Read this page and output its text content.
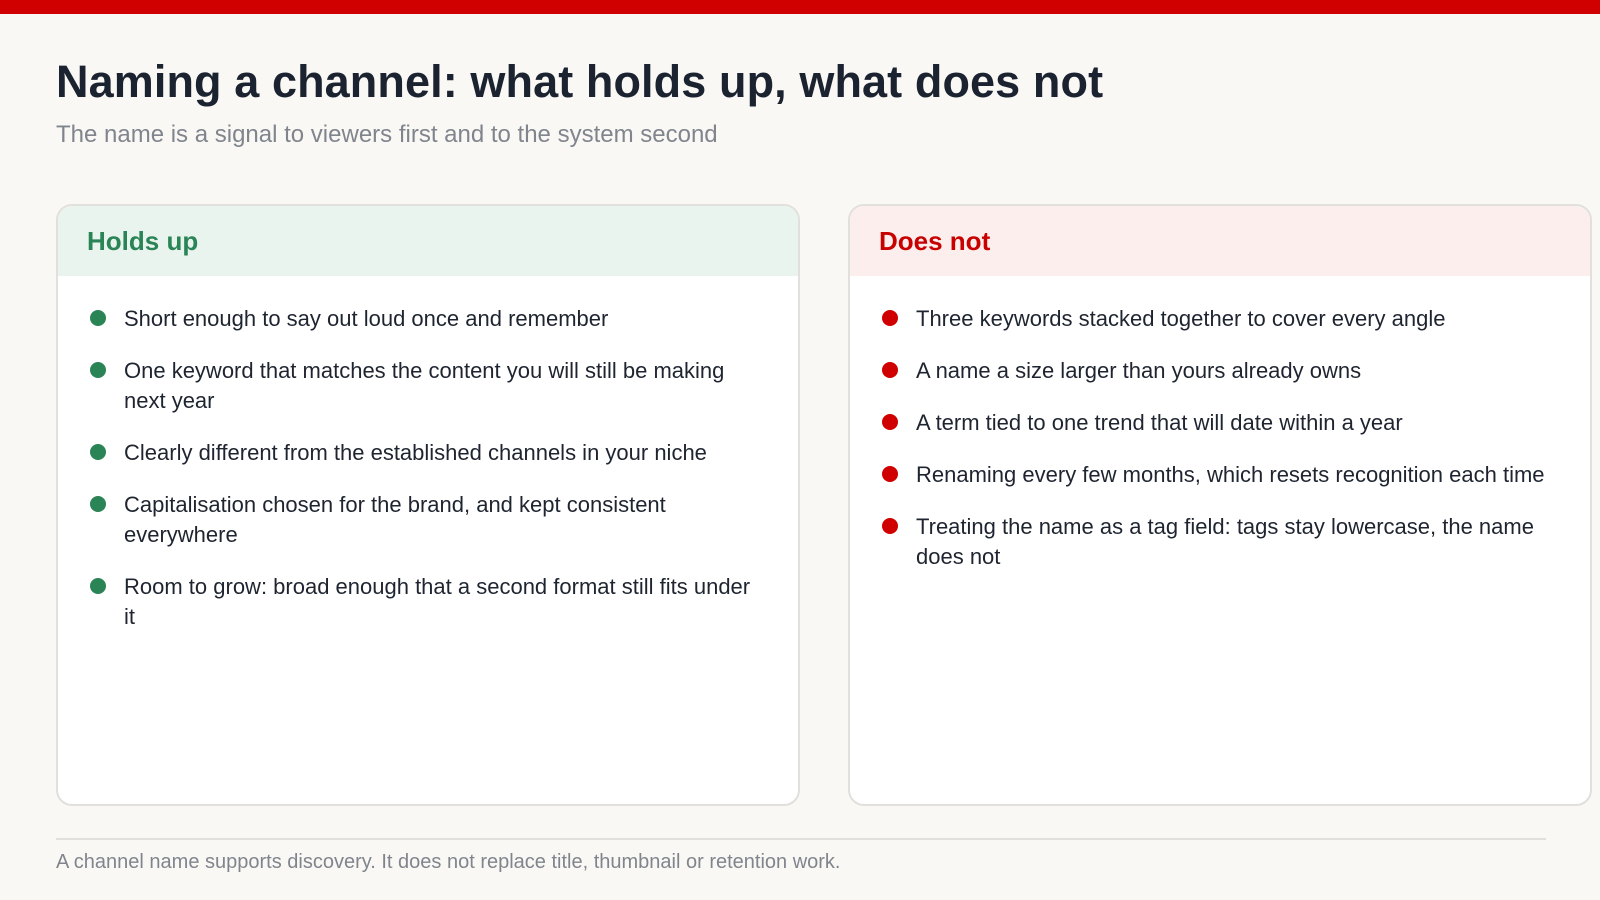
Naming a channel: what holds up, what does not

The name is a signal to viewers first and to the system second

Holds up
Short enough to say out loud once and remember
One keyword that matches the content you will still be making next year
Clearly different from the established channels in your niche
Capitalisation chosen for the brand, and kept consistent everywhere
Room to grow: broad enough that a second format still fits under it
Does not
Three keywords stacked together to cover every angle
A name a size larger than yours already owns
A term tied to one trend that will date within a year
Renaming every few months, which resets recognition each time
Treating the name as a tag field: tags stay lowercase, the name does not

A channel name supports discovery. It does not replace title, thumbnail or retention work.
